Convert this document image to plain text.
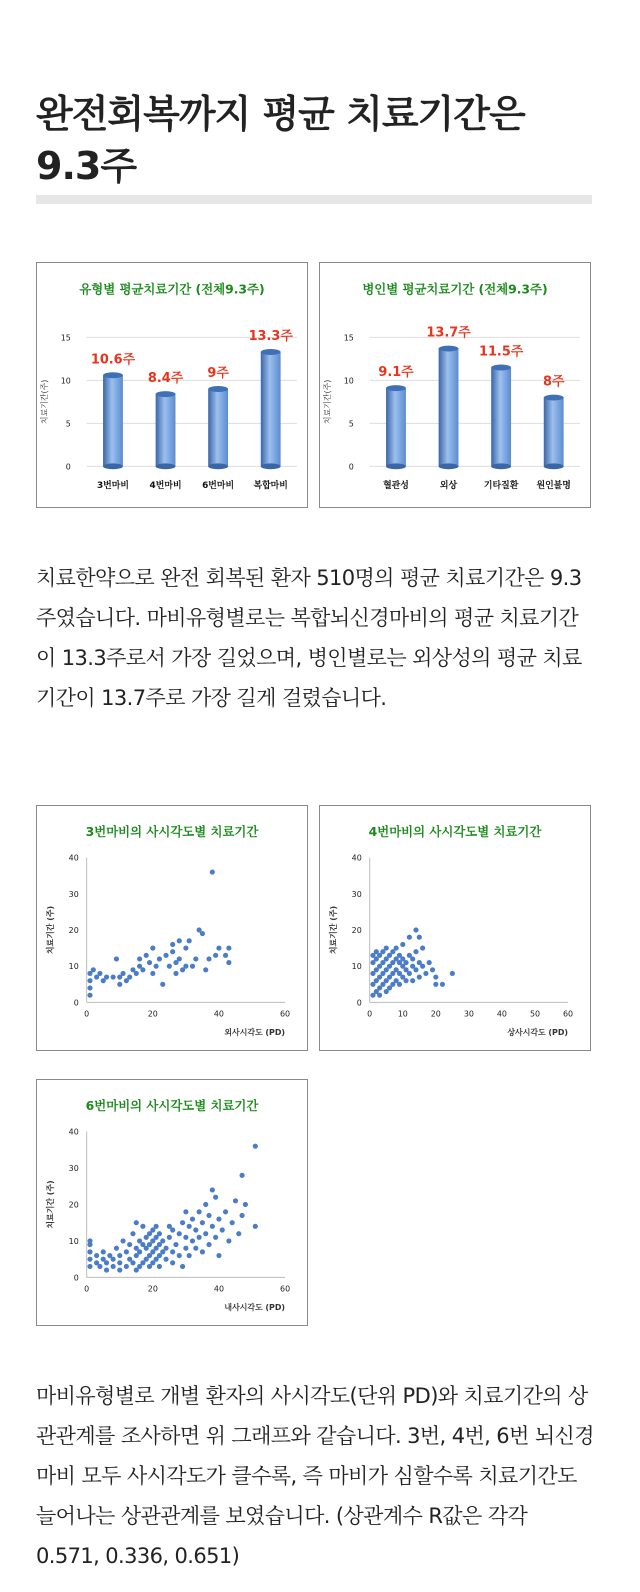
완전회복까지 평균 치료기간은
9.3주
유형별 평균치료기간 (전체9.3주)
0
5
10
15
치료기간(주)
10.6주
3번마비
8.4주
4번마비
9주
6번마비
13.3주
복합마비
병인별 평균치료기간 (전체9.3주)
0
5
10
15
치료기간(주)
9.1주
혈관성
13.7주
외상
11.5주
기타질환
8주
원인불명

치료한약으로 완전 회복된 환자 510명의 평균 치료기간은 9.3주였습니다. 마비유형별로는 복합뇌신경마비의 평균 치료기간이 13.3주로서 가장 길었으며, 병인별로는 외상성의 평균 치료기간이 13.7주로 가장 길게 걸렸습니다.

3번마비의 사시각도별 치료기간
0
10
20
30
40
0	20	40	60
외사시각도 (PD)
치료기간 (주)
4번마비의 사시각도별 치료기간
0
10
20
30
40
0	10	20	30	40	50	60
상사시각도 (PD)
치료기간 (주)
6번마비의 사시각도별 치료기간
0
10
20
30
40
0	20	40	60
내사시각도 (PD)
치료기간 (주)

마비유형별로 개별 환자의 사시각도(단위 PD)와 치료기간의 상관관계를 조사하면 위 그래프와 같습니다. 3번, 4번, 6번 뇌신경마비 모두 사시각도가 클수록, 즉 마비가 심할수록 치료기간도 늘어나는 상관관계를 보였습니다. (상관계수 R값은 각각 0.571, 0.336, 0.651)
